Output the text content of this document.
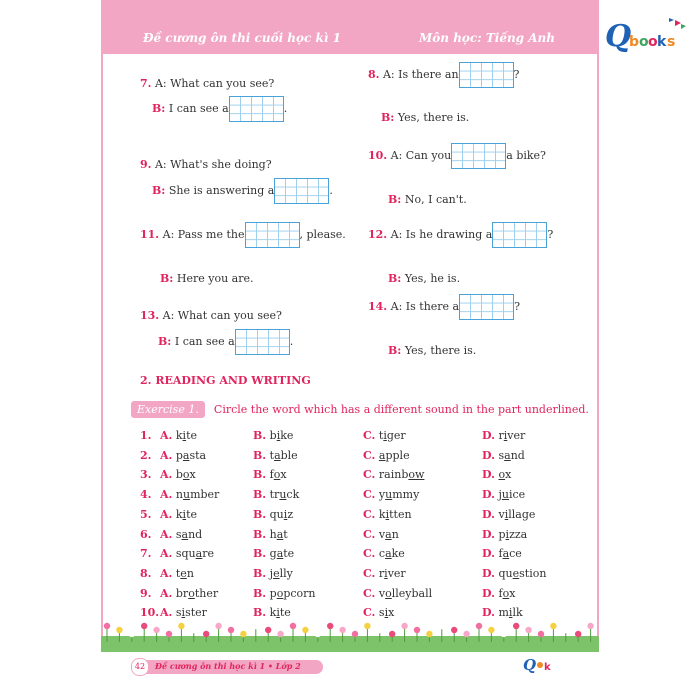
Đề cương ôn thi cuối học kì 1	Môn học: Tiếng Anh Q
b o o k s
7. A: What can you see?
B: I can see a	.
8. A: Is there an	?
B: Yes, there is.
9. A: What's she doing?
B: She is answering a	.
10. A: Can you	a bike?
B: No, I can't.
11. A: Pass me the	, please.
B: Here you are.
12. A: Is he drawing a	?
B: Yes, he is.
13. A: What can you see?
B: I can see a	.
14. A: Is there a	?
B: Yes, there is.
2. READING AND WRITING
Exercise 1. Circle the word which has a different sound in the part underlined.
1. A. kite	B. bike	C. tiger	D. river
2. A. pasta	B. table	C. apple	D. sand
3. A. box	B. fox	C. rainbow	D. ox
4. A. number	B. truck	C. yummy	D. juice
5. A. kite	B. quiz	C. kitten	D. village
6. A. sand	B. hat	C. van	D. pizza
7. A. square	B. gate	C. cake	D. face
8. A. ten	B. jelly	C. river	D. question
9. A. brother	B. popcorn	C. volleyball	D. fox
10. A. sister	B. kite	C. six	D. milk
42	Đề cương ôn thi học kì 1 • Lớp 2	Q k
